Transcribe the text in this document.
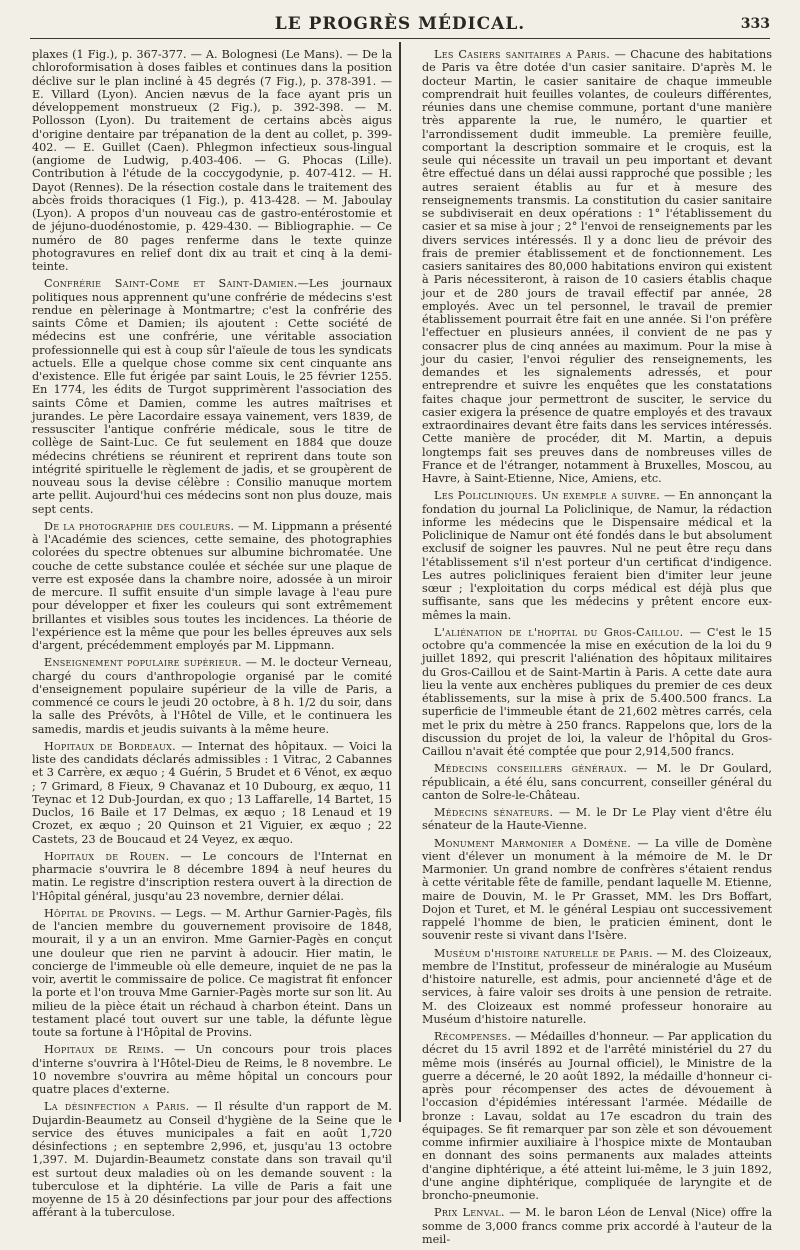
LE PROGRÈS MÉDICAL.	333

plaxes (1 Fig.), p. 367-377. — A. Bolognesi (Le Mans). — De la chloroformisation à doses faibles et continues dans la position déclive sur le plan incliné à 45 degrés (7 Fig.), p. 378-391. — E. Villard (Lyon). Ancien nævus de la face ayant pris un développement monstrueux (2 Fig.), p. 392-398. — M. Pollosson (Lyon). Du traitement de certains abcès aigus d'origine dentaire par trépanation de la dent au collet, p. 399-402. — E. Guillet (Caen). Phlegmon infectieux sous-lingual (angiome de Ludwig, p.403-406. — G. Phocas (Lille). Contribution à l'étude de la coccygodynie, p. 407-412. — H. Dayot (Rennes). De la résection costale dans le traitement des abcès froids thoraciques (1 Fig.), p. 413-428. — M. Jaboulay (Lyon). A propos d'un nouveau cas de gastro-entérostomie et de jéjuno-duodénostomie, p. 429-430. — Bibliographie. — Ce numéro de 80 pages renferme dans le texte quinze photogravures en relief dont dix au trait et cinq à la demi-teinte.

Confrérie Saint-Come et Saint-Damien.—Les journaux politiques nous apprennent qu'une confrérie de médecins s'est rendue en pèlerinage à Montmartre; c'est la confrérie des saints Côme et Damien; ils ajoutent : Cette société de médecins est une confrérie, une véritable association professionnelle qui est à coup sûr l'aïeule de tous les syndicats actuels. Elle a quelque chose comme six cent cinquante ans d'existence. Elle fut érigée par saint Louis, le 25 février 1255. En 1774, les édits de Turgot supprimèrent l'association des saints Côme et Damien, comme les autres maîtrises et jurandes. Le père Lacordaire essaya vainement, vers 1839, de ressusciter l'antique confrérie médicale, sous le titre de collège de Saint-Luc. Ce fut seulement en 1884 que douze médecins chrétiens se réunirent et reprirent dans toute son intégrité spirituelle le règlement de jadis, et se groupèrent de nouveau sous la devise célèbre : Consilio manuque mortem arte pellit. Aujourd'hui ces médecins sont non plus douze, mais sept cents.

De la photographie des couleurs. — M. Lippmann a présenté à l'Académie des sciences, cette semaine, des photographies colorées du spectre obtenues sur albumine bichromatée. Une couche de cette substance coulée et séchée sur une plaque de verre est exposée dans la chambre noire, adossée à un miroir de mercure. Il suffit ensuite d'un simple lavage à l'eau pure pour développer et fixer les couleurs qui sont extrêmement brillantes et visibles sous toutes les incidences. La théorie de l'expérience est la même que pour les belles épreuves aux sels d'argent, précédemment employés par M. Lippmann.

Enseignement populaire supérieur. — M. le docteur Verneau, chargé du cours d'anthropologie organisé par le comité d'enseignement populaire supérieur de la ville de Paris, a commencé ce cours le jeudi 20 octobre, à 8 h. 1/2 du soir, dans la salle des Prévôts, à l'Hôtel de Ville, et le continuera les samedis, mardis et jeudis suivants à la même heure.

Hopitaux de Bordeaux. — Internat des hôpitaux. — Voici la liste des candidats déclarés admissibles : 1 Vitrac, 2 Cabannes et 3 Carrère, ex æquo ; 4 Guérin, 5 Brudet et 6 Vénot, ex æquo ; 7 Grimard, 8 Fieux, 9 Chavanaz et 10 Dubourg, ex æquo, 11 Teynac et 12 Dub-Jourdan, ex quo ; 13 Laffarelle, 14 Bartet, 15 Duclos, 16 Baile et 17 Delmas, ex æquo ; 18 Lenaud et 19 Crozet, ex æquo ; 20 Quinson et 21 Viguier, ex æquo ; 22 Castets, 23 de Boucaud et 24 Veyez, ex æquo.

Hopitaux de Rouen. — Le concours de l'Internat en pharmacie s'ouvrira le 8 décembre 1894 à neuf heures du matin. Le registre d'inscription restera ouvert à la direction de l'Hôpital général, jusqu'au 23 novembre, dernier délai.

Hôpital de Provins. — Legs. — M. Arthur Garnier-Pagès, fils de l'ancien membre du gouvernement provisoire de 1848, mourait, il y a un an environ. Mme Garnier-Pagès en conçut une douleur que rien ne parvint à adoucir. Hier matin, le concierge de l'immeuble où elle demeure, inquiet de ne pas la voir, avertit le commissaire de police. Ce magistrat fit enfoncer la porte et l'on trouva Mme Garnier-Pagès morte sur son lit. Au milieu de la pièce était un réchaud à charbon éteint. Dans un testament placé tout ouvert sur une table, la défunte lègue toute sa fortune à l'Hôpital de Provins.

Hopitaux de Reims. — Un concours pour trois places d'interne s'ouvrira à l'Hôtel-Dieu de Reims, le 8 novembre. Le 10 novembre s'ouvrira au même hôpital un concours pour quatre places d'externe.

La désinfection a Paris. — Il résulte d'un rapport de M. Dujardin-Beaumetz au Conseil d'hygiène de la Seine que le service des étuves municipales a fait en août 1,720 désinfections ; en septembre 2,996, et, jusqu'au 13 octobre 1,397. M. Dujardin-Beaumetz constate dans son travail qu'il est surtout deux maladies où on les demande souvent : la tuberculose et la diphtérie. La ville de Paris a fait une moyenne de 15 à 20 désinfections par jour pour des affections afférant à la tuberculose.

Les Casiers sanitaires a Paris. — Chacune des habitations de Paris va être dotée d'un casier sanitaire. D'après M. le docteur Martin, le casier sanitaire de chaque immeuble comprendrait huit feuilles volantes, de couleurs différentes, réunies dans une chemise commune, portant d'une manière très apparente la rue, le numéro, le quartier et l'arrondissement dudit immeuble. La première feuille, comportant la description sommaire et le croquis, est la seule qui nécessite un travail un peu important et devant être effectué dans un délai aussi rapproché que possible ; les autres seraient établis au fur et à mesure des renseignements transmis. La constitution du casier sanitaire se subdiviserait en deux opérations : 1° l'établissement du casier et sa mise à jour ; 2° l'envoi de renseignements par les divers services intéressés. Il y a donc lieu de prévoir des frais de premier établissement et de fonctionnement. Les casiers sanitaires des 80,000 habitations environ qui existent à Paris nécessiteront, à raison de 10 casiers établis chaque jour et de 280 jours de travail effectif par année, 28 employés. Avec un tel personnel, le travail de premier établissement pourrait être fait en une année. Si l'on préfère l'effectuer en plusieurs années, il convient de ne pas y consacrer plus de cinq années au maximum. Pour la mise à jour du casier, l'envoi régulier des renseignements, les demandes et les signalements adressés, et pour entreprendre et suivre les enquêtes que les constatations faites chaque jour permettront de susciter, le service du casier exigera la présence de quatre employés et des travaux extraordinaires devant être faits dans les services intéressés. Cette manière de procéder, dit M. Martin, a depuis longtemps fait ses preuves dans de nombreuses villes de France et de l'étranger, notamment à Bruxelles, Moscou, au Havre, à Saint-Etienne, Nice, Amiens, etc.

Les Policliniques. Un exemple a suivre. — En annonçant la fondation du journal La Policlinique, de Namur, la rédaction informe les médecins que le Dispensaire médical et la Policlinique de Namur ont été fondés dans le but absolument exclusif de soigner les pauvres. Nul ne peut être reçu dans l'établissement s'il n'est porteur d'un certificat d'indigence. Les autres policliniques feraient bien d'imiter leur jeune sœur ; l'exploitation du corps médical est déjà plus que suffisante, sans que les médecins y prêtent encore eux-mêmes la main.

L'aliénation de l'hopital du Gros-Caillou. — C'est le 15 octobre qu'a commencée la mise en exécution de la loi du 9 juillet 1892, qui prescrit l'aliénation des hôpitaux militaires du Gros-Caillou et de Saint-Martin à Paris. A cette date aura lieu la vente aux enchères publiques du premier de ces deux établissements, sur la mise à prix de 5.400.500 francs. La superficie de l'immeuble étant de 21,602 mètres carrés, cela met le prix du mètre à 250 francs. Rappelons que, lors de la discussion du projet de loi, la valeur de l'hôpital du Gros-Caillou n'avait été comptée que pour 2,914,500 francs.

Médecins conseillers généraux. — M. le Dr Goulard, républicain, a été élu, sans concurrent, conseiller général du canton de Solre-le-Château.

Médecins sénateurs. — M. le Dr Le Play vient d'être élu sénateur de la Haute-Vienne.

Monument Marmonier a Domène. — La ville de Domène vient d'élever un monument à la mémoire de M. le Dr Marmonier. Un grand nombre de confrères s'étaient rendus à cette véritable fête de famille, pendant laquelle M. Etienne, maire de Douvin, M. le Pr Grasset, MM. les Drs Boffart, Dojon et Turet, et M. le général Lespiau ont successivement rappelé l'homme de bien, le praticien éminent, dont le souvenir reste si vivant dans l'Isère.

Muséum d'histoire naturelle de Paris. — M. des Cloizeaux, membre de l'Institut, professeur de minéralogie au Muséum d'histoire naturelle, est admis, pour ancienneté d'âge et de services, à faire valoir ses droits à une pension de retraite. M. des Cloizeaux est nommé professeur honoraire au Muséum d'histoire naturelle.

Récompenses. — Médailles d'honneur. — Par application du décret du 15 avril 1892 et de l'arrêté ministériel du 27 du même mois (insérés au Journal officiel), le Ministre de la guerre a décerné, le 20 août 1892, la médaille d'honneur ci-après pour récompenser des actes de dévouement à l'occasion d'épidémies intéressant l'armée. Médaille de bronze : Lavau, soldat au 17e escadron du train des équipages. Se fit remarquer par son zèle et son dévouement comme infirmier auxiliaire à l'hospice mixte de Montauban en donnant des soins permanents aux malades atteints d'angine diphtérique, a été atteint lui-même, le 3 juin 1892, d'une angine diphtérique, compliquée de laryngite et de broncho-pneumonie.

Prix Lenval. — M. le baron Léon de Lenval (Nice) offre la somme de 3,000 francs comme prix accordé à l'auteur de la meil-
